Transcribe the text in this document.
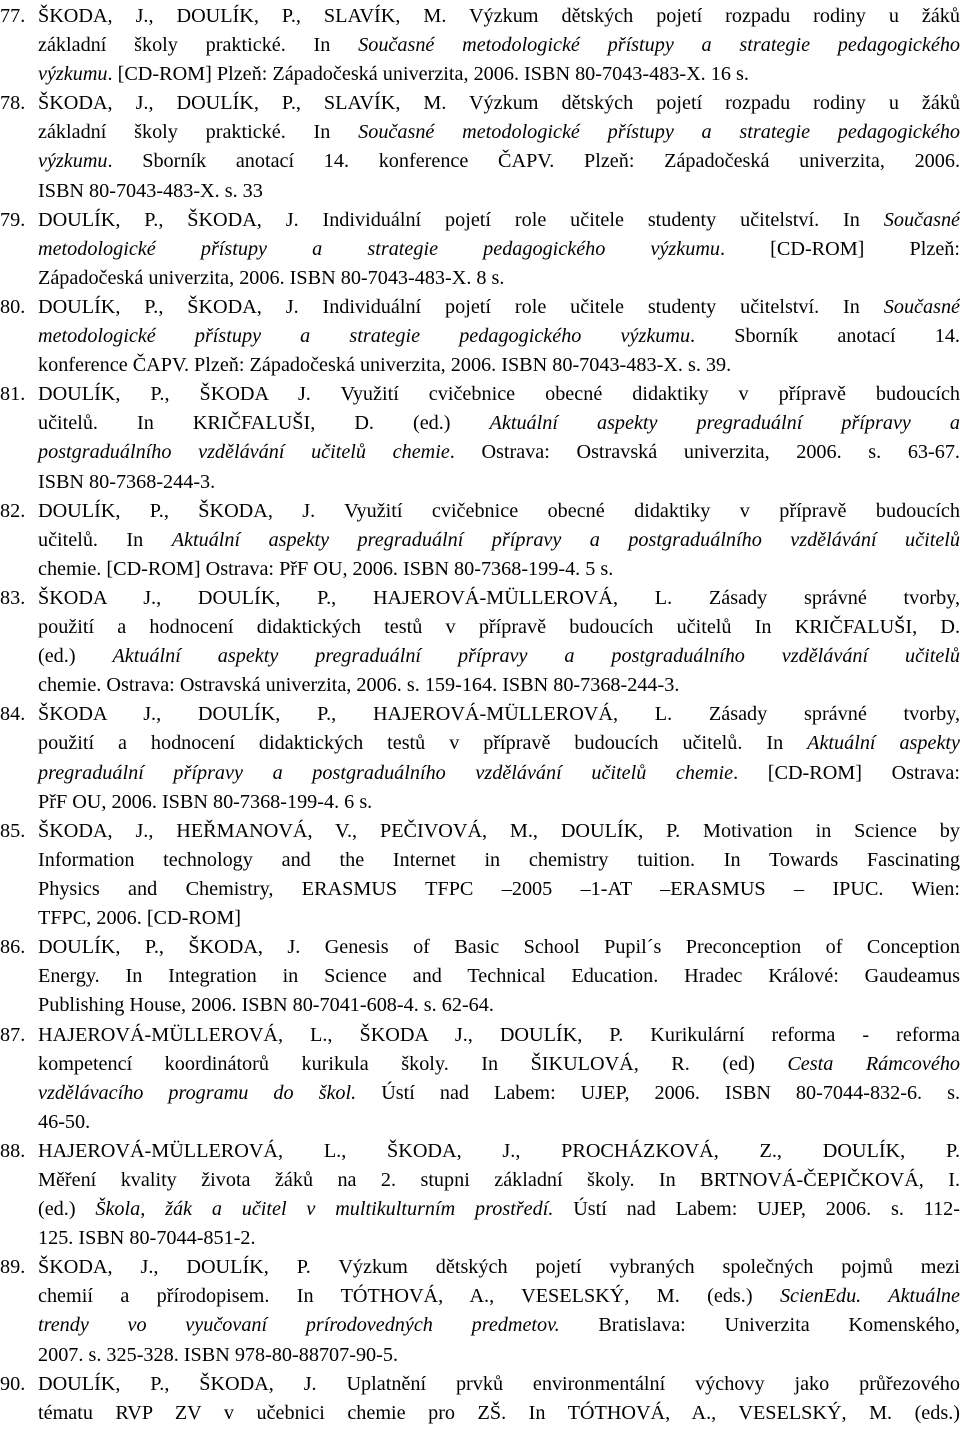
77. ŠKODA, J., DOULÍK, P., SLAVÍK, M. Výzkum dětských pojetí rozpadu rodiny u žáků
základní školy praktické. In Současné metodologické přístupy a strategie pedagogického
výzkumu. [CD-ROM] Plzeň: Západočeská univerzita, 2006. ISBN 80-7043-483-X. 16 s.
78. ŠKODA, J., DOULÍK, P., SLAVÍK, M. Výzkum dětských pojetí rozpadu rodiny u žáků
základní školy praktické. In Současné metodologické přístupy a strategie pedagogického
výzkumu. Sborník anotací 14. konference ČAPV. Plzeň: Západočeská univerzita, 2006.
ISBN 80-7043-483-X. s. 33
79. DOULÍK, P., ŠKODA, J. Individuální pojetí role učitele studenty učitelství. In Současné
metodologické přístupy a strategie pedagogického výzkumu. [CD-ROM] Plzeň:
Západočeská univerzita, 2006. ISBN 80-7043-483-X. 8 s.
80. DOULÍK, P., ŠKODA, J. Individuální pojetí role učitele studenty učitelství. In Současné
metodologické přístupy a strategie pedagogického výzkumu. Sborník anotací 14.
konference ČAPV. Plzeň: Západočeská univerzita, 2006. ISBN 80-7043-483-X. s. 39.
81. DOULÍK, P., ŠKODA J. Využití cvičebnice obecné didaktiky v přípravě budoucích
učitelů. In KRIČFALUŠI, D. (ed.) Aktuální aspekty pregraduální přípravy a
postgraduálního vzdělávání učitelů chemie. Ostrava: Ostravská univerzita, 2006. s. 63-67.
ISBN 80-7368-244-3.
82. DOULÍK, P., ŠKODA, J. Využití cvičebnice obecné didaktiky v přípravě budoucích
učitelů. In Aktuální aspekty pregraduální přípravy a postgraduálního vzdělávání učitelů
chemie. [CD-ROM] Ostrava: PřF OU, 2006. ISBN 80-7368-199-4. 5 s.
83. ŠKODA J., DOULÍK, P., HAJEROVÁ-MÜLLEROVÁ, L. Zásady správné tvorby,
použití a hodnocení didaktických testů v přípravě budoucích učitelů In KRIČFALUŠI, D.
(ed.) Aktuální aspekty pregraduální přípravy a postgraduálního vzdělávání učitelů
chemie. Ostrava: Ostravská univerzita, 2006. s. 159-164. ISBN 80-7368-244-3.
84. ŠKODA J., DOULÍK, P., HAJEROVÁ-MÜLLEROVÁ, L. Zásady správné tvorby,
použití a hodnocení didaktických testů v přípravě budoucích učitelů. In Aktuální aspekty
pregraduální přípravy a postgraduálního vzdělávání učitelů chemie. [CD-ROM] Ostrava:
PřF OU, 2006. ISBN 80-7368-199-4. 6 s.
85. ŠKODA, J., HEŘMANOVÁ, V., PEČIVOVÁ, M., DOULÍK, P. Motivation in Science by
Information technology and the Internet in chemistry tuition. In Towards Fascinating
Physics and Chemistry, ERASMUS TFPC –2005 –1-AT –ERASMUS – IPUC. Wien:
TFPC, 2006. [CD-ROM]
86. DOULÍK, P., ŠKODA, J. Genesis of Basic School Pupil´s Preconception of Conception
Energy. In Integration in Science and Technical Education. Hradec Králové: Gaudeamus
Publishing House, 2006. ISBN 80-7041-608-4. s. 62-64.
87. HAJEROVÁ-MÜLLEROVÁ, L., ŠKODA J., DOULÍK, P. Kurikulární reforma - reforma
kompetencí koordinátorů kurikula školy. In ŠIKULOVÁ, R. (ed) Cesta Rámcového
vzdělávacího programu do škol. Ústí nad Labem: UJEP, 2006. ISBN 80-7044-832-6. s.
46-50.
88. HAJEROVÁ-MÜLLEROVÁ, L., ŠKODA, J., PROCHÁZKOVÁ, Z., DOULÍK, P.
Měření kvality života žáků na 2. stupni základní školy. In BRTNOVÁ-ČEPIČKOVÁ, I.
(ed.) Škola, žák a učitel v multikulturním prostředí. Ústí nad Labem: UJEP, 2006. s. 112-
125. ISBN 80-7044-851-2.
89. ŠKODA, J., DOULÍK, P. Výzkum dětských pojetí vybraných společných pojmů mezi
chemií a přírodopisem. In TÓTHOVÁ, A., VESELSKÝ, M. (eds.) ScienEdu. Aktuálne
trendy vo vyučovaní prírodovedných predmetov. Bratislava: Univerzita Komenského,
2007. s. 325-328. ISBN 978-80-88707-90-5.
90. DOULÍK, P., ŠKODA, J. Uplatnění prvků environmentální výchovy jako průřezového
tématu RVP ZV v učebnici chemie pro ZŠ. In TÓTHOVÁ, A., VESELSKÝ, M. (eds.)
